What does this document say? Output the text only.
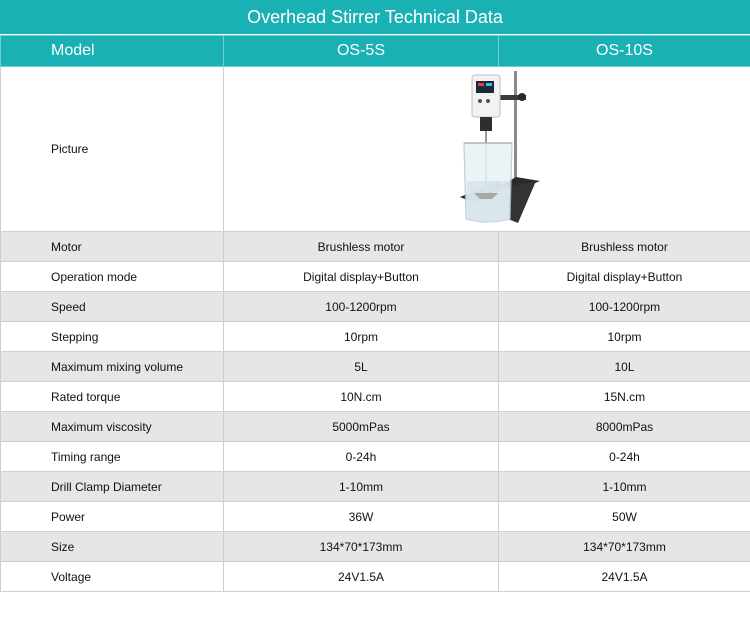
Overhead Stirrer Technical Data
Model	OS-5S	OS-10S
Picture	

Motor	Brushless motor	Brushless motor
Operation mode	Digital display+Button	Digital display+Button
Speed	100-1200rpm	100-1200rpm
Stepping	10rpm	10rpm
Maximum mixing volume	5L	10L
Rated torque	10N.cm	15N.cm
Maximum viscosity	5000mPas	8000mPas
Timing range	0-24h	0-24h
Drill Clamp Diameter	1-10mm	1-10mm
Power	36W	50W
Size	134*70*173mm	134*70*173mm
Voltage	24V1.5A	24V1.5A
